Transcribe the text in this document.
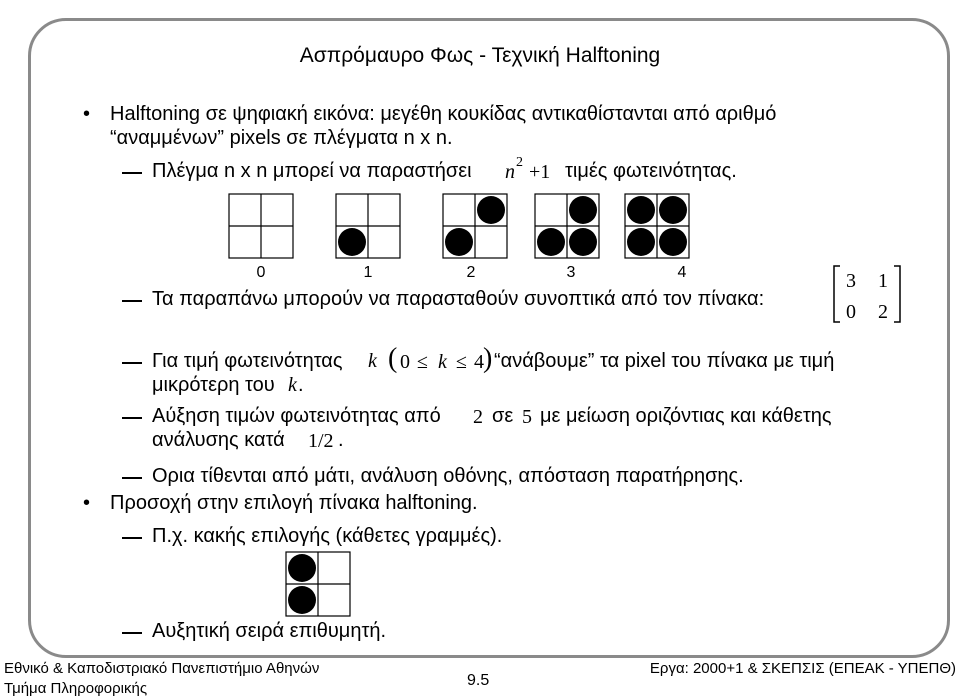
Ασπρόμαυρο Φως - Τεχνική Halftoning
• Halftoning σε ψηφιακή εικόνα: μεγέθη κουκίδας αντικαθίστανται από αριθμό
“αναμμένων” pixels σε πλέγματα n x n.
Πλέγμα n x n μπορεί να παραστήσει n 2 +1 τιμές φωτεινότητας.
0	1	2	3	4
Τα παραπάνω μπορούν να παρασταθούν συνοπτικά από τον πίνακα:
3 1
0 2
Για τιμή φωτεινότητας k ( 0 ≤ k ≤ 4 ) “ανάβουμε” τα pixel του πίνακα με τιμή
μικρότερη του k .
Αύξηση τιμών φωτεινότητας από 2 σε 5 με μείωση οριζόντιας και κάθετης
ανάλυσης κατά 1/2 .
Ορια τίθενται από μάτι, ανάλυση οθόνης, απόσταση παρατήρησης.
• Προσοχή στην επιλογή πίνακα halftoning.
Π.χ. κακής επιλογής (κάθετες γραμμές).
Αυξητική σειρά επιθυμητή.
Εθνικό & Καποδιστριακό Πανεπιστήμιο Αθηνών
Τμήμα Πληροφορικής	9.5
Εργα: 2000+1 & ΣΚΕΠΣΙΣ (ΕΠΕΑΚ - ΥΠΕΠΘ)
